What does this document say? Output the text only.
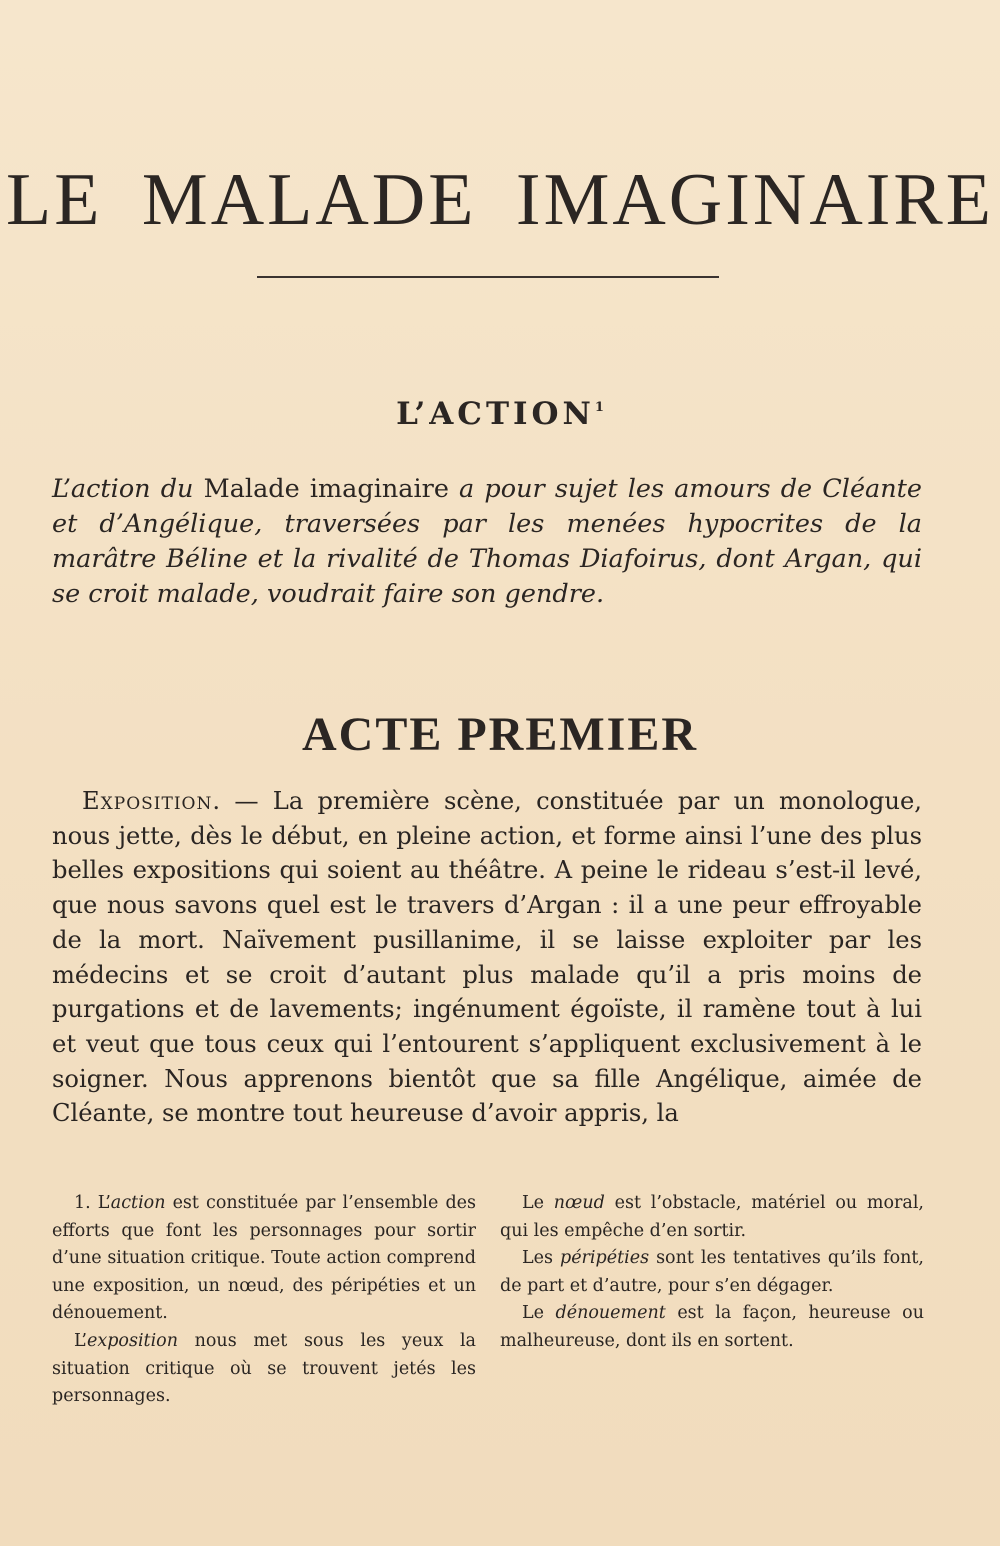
LE MALADE IMAGINAIRE
L’ACTION$^1$

L’action du Malade imaginaire a pour sujet les amours de Cléante et d’Angélique, traversées par les menées hypocrites de la marâtre Béline et la rivalité de Thomas Diafoirus, dont Argan, qui se croit malade, voudrait faire son gendre.

ACTE PREMIER

Exposition. — La première scène, constituée par un monologue, nous jette, dès le début, en pleine action, et forme ainsi l’une des plus belles expositions qui soient au théâtre. A peine le rideau s’est-il levé, que nous savons quel est le travers d’Argan : il a une peur effroyable de la mort. Naïvement pusillanime, il se laisse exploiter par les médecins et se croit d’autant plus malade qu’il a pris moins de purgations et de lavements; ingénument égoïste, il ramène tout à lui et veut que tous ceux qui l’entourent s’appliquent exclusivement à le soigner. Nous apprenons bientôt que sa fille Angélique, aimée de Cléante, se montre tout heureuse d’avoir appris, la

1. L’action est constituée par l’ensemble des efforts que font les personnages pour sortir d’une situation critique. Toute action comprend une exposition, un nœud, des péripéties et un dénouement.

L’exposition nous met sous les yeux la situation critique où se trouvent jetés les personnages.

Le nœud est l’obstacle, matériel ou moral, qui les empêche d’en sortir.

Les péripéties sont les tentatives qu’ils font, de part et d’autre, pour s’en dégager.

Le dénouement est la façon, heureuse ou malheureuse, dont ils en sortent.
